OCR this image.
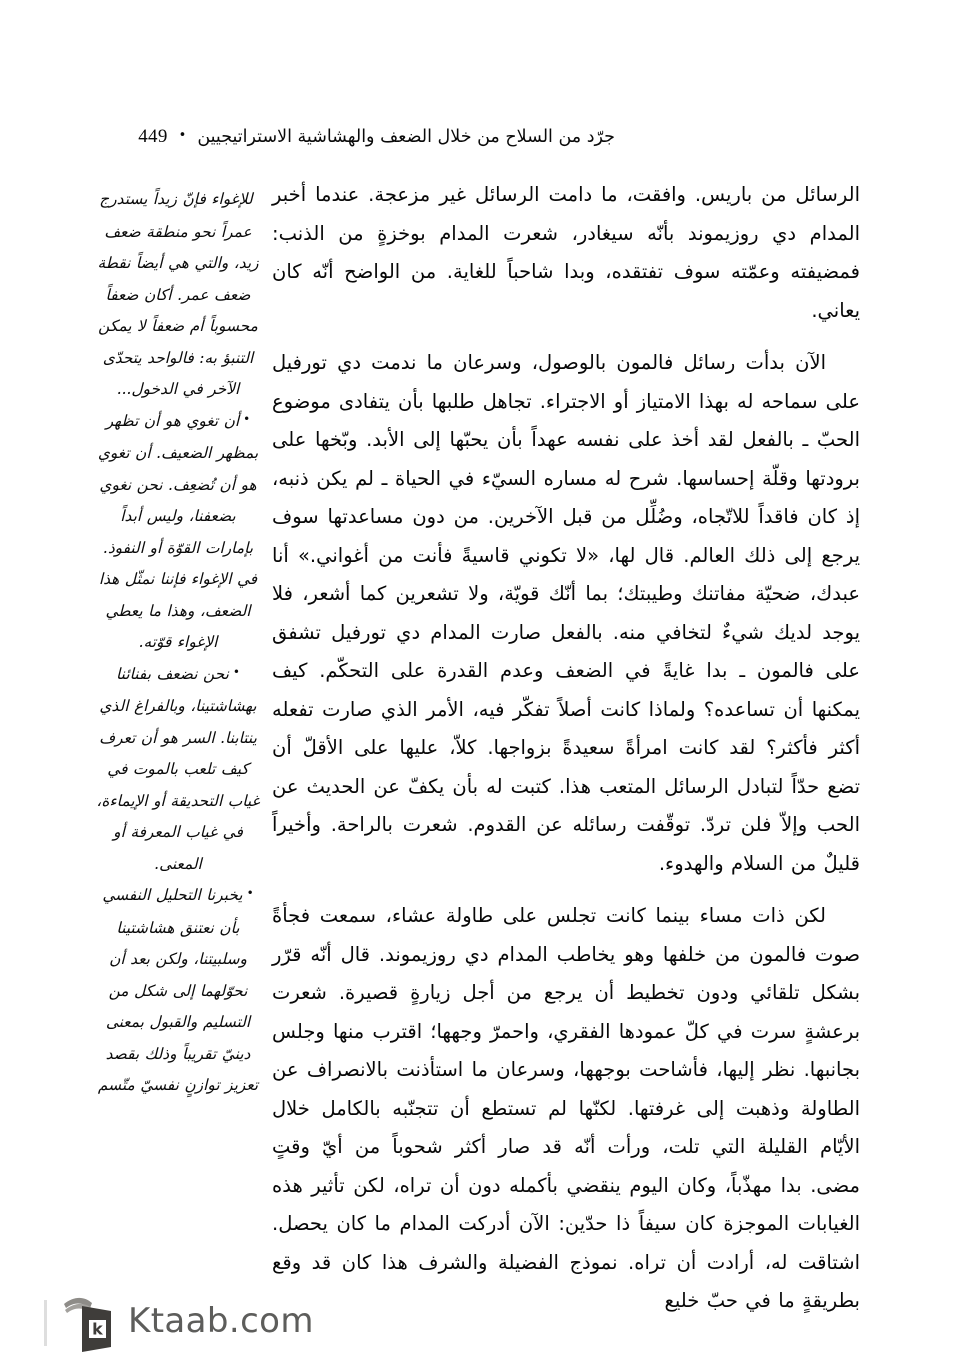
جرّد من السلاح من خلال الضعف والهشاشية الاستراتيجيين
•
449

الرسائل من باريس. وافقت، ما دامت الرسائل غير مزعجة. عندما أخبر المدام دي روزيموند بأنّه سيغادر، شعرت المدام بوخزةٍ من الذنب: فمضيفته وعمّته سوف تفتقده، وبدا شاحباً للغاية. من الواضح أنّه كان يعاني.

الآن بدأت رسائل فالمون بالوصول، وسرعان ما ندمت دي تورفيل على سماحه له بهذا الامتياز أو الاجتراء. تجاهل طلبها بأن يتفادى موضوع الحبّ ـ بالفعل لقد أخذ على نفسه عهداً بأن يحبّها إلى الأبد. وبّخها على برودتها وقلّة إحساسها. شرح له مساره السيّء في الحياة ـ لم يكن ذنبه، إذ كان فاقداً للاتّجاه، وضُلِّل من قبل الآخرين. من دون مساعدتها سوف يرجع إلى ذلك العالم. قال لها، «لا تكوني قاسيةً فأنت من أغواني.» أنا عبدك، ضحيّة مفاتنك وطيبتك؛ بما أنّك قويّة، ولا تشعرين كما أشعر، فلا يوجد لديك شيءٌ لتخافي منه. بالفعل صارت المدام دي تورفيل تشفق على فالمون ـ بدا غايةً في الضعف وعدم القدرة على التحكّم. كيف يمكنها أن تساعده؟ ولماذا كانت أصلاً تفكّر فيه، الأمر الذي صارت تفعله أكثر فأكثر؟ لقد كانت امرأةً سعيدةً بزواجها. كلاّ، عليها على الأقلّ أن تضع حدّاً لتبادل الرسائل المتعب هذا. كتبت له بأن يكفّ عن الحديث عن الحب وإلاّ فلن تردّ. توقّفت رسائله عن القدوم. شعرت بالراحة. وأخيراً قليلٌ من السلام والهدوء.

لكن ذات مساء بينما كانت تجلس على طاولة عشاء، سمعت فجأةً صوت فالمون من خلفها وهو يخاطب المدام دي روزيموند. قال أنّه قرّر بشكل تلقائي ودون تخطيط أن يرجع من أجل زيارةٍ قصيرة. شعرت برعشةٍ سرت في كلّ عمودها الفقري، واحمرّ وجهها؛ اقترب منها وجلس بجانبها. نظر إليها، فأشاحت بوجهها، وسرعان ما استأذنت بالانصراف عن الطاولة وذهبت إلى غرفتها. لكنّها لم تستطع أن تتجنّبه بالكامل خلال الأيّام القليلة التي تلت، ورأت أنّه قد صار أكثر شحوباً من أيّ وقتٍ مضى. بدا مهذّباً، وكان اليوم ينقضي بأكمله دون أن تراه، لكن تأثير هذه الغيابات الموجزة كان سيفاً ذا حدّين: الآن أدركت المدام ما كان يحصل. اشتاقت له، أرادت أن تراه. نموذج الفضيلة والشرف هذا كان قد وقع بطريقةٍ ما في حبّ خليع

للإغواء فإنّ زيداً يستدرج عمراً نحو منطقة ضعف زيد، والتي هي أيضاً نقطة ضعف عمر. أكان ضعفاً محسوباً أم ضعفاً لا يمكن التنبؤ به: فالواحد يتحدّى الآخر في الدخول...

•أن تغوي هو أن تظهر بمظهر الضعيف. أن تغوي هو أن تُضعِف. نحن نغوي بضعفنا، وليس أبداً بإمارات القوّة أو النفوذ. في الإغواء فإننا نمثّل هذا الضعف، وهذا ما يعطي الإغواء قوّته.

•نحن نضعف بفنائنا بهشاشتينا، وبالفراغ الذي ينتابنا. السر هو أن تعرف كيف تلعب بالموت في غياب التحديقة أو الإيماءة، في غياب المعرفة أو المعنى.

•يخبرنا التحليل النفسي بأن نعتنق هشاشتينا وسلبيتنا، ولكن بعد أن نحوّلهما إلى شكل من التسليم والقبول بمعنى دينيّ تقريباً وذلك بقصد تعزيز توازنٍ نفسيّ متّسم

k Ktaab.com
